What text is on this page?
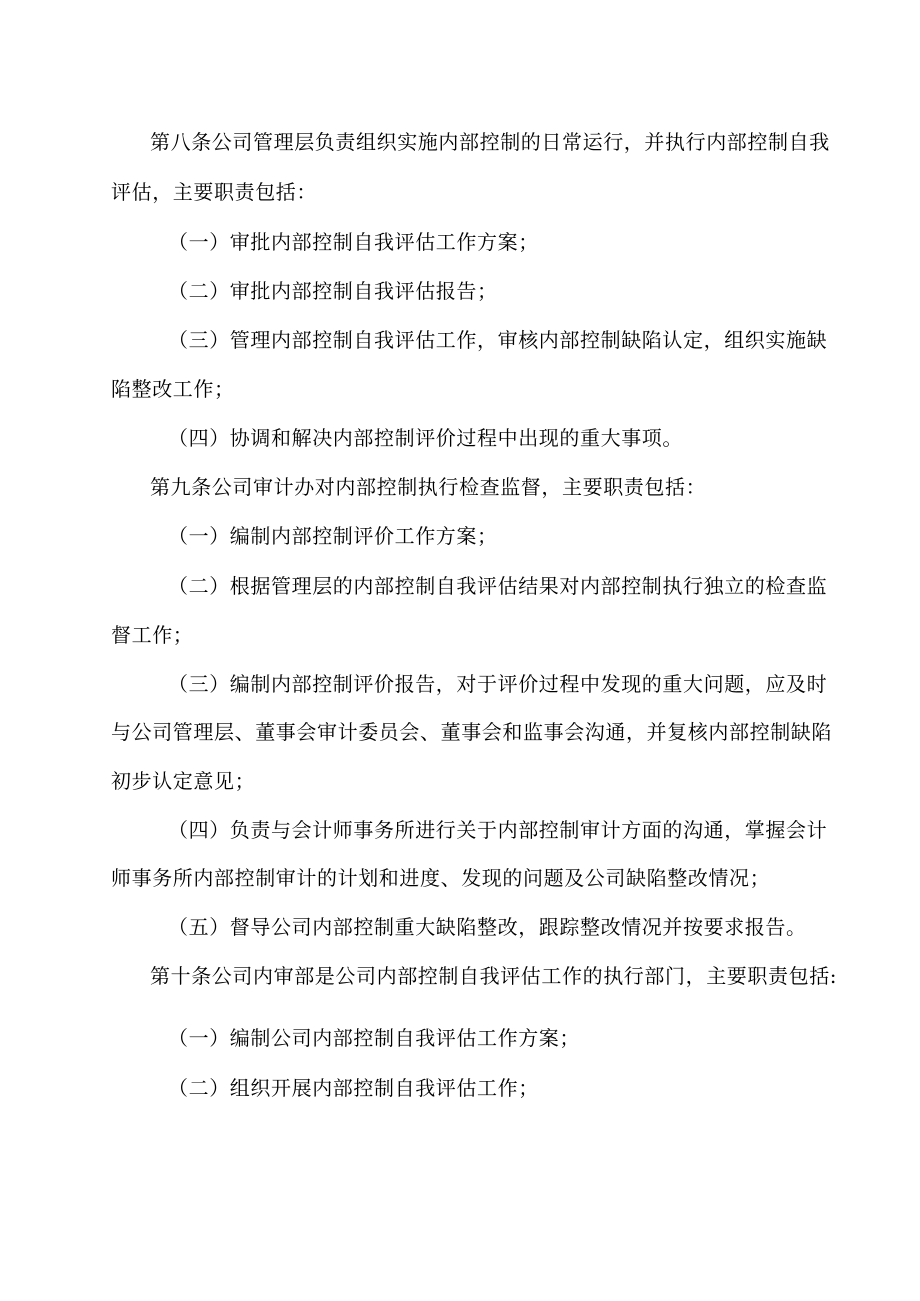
第八条公司管理层负责组织实施内部控制的日常运行，并执行内部控制自我
评估，主要职责包括：
（一）审批内部控制自我评估工作方案；
（二）审批内部控制自我评估报告；
（三）管理内部控制自我评估工作，审核内部控制缺陷认定，组织实施缺
陷整改工作；
（四）协调和解决内部控制评价过程中出现的重大事项。
第九条公司审计办对内部控制执行检查监督，主要职责包括：
（一）编制内部控制评价工作方案；
（二）根据管理层的内部控制自我评估结果对内部控制执行独立的检查监
督工作；
（三）编制内部控制评价报告，对于评价过程中发现的重大问题，应及时
与公司管理层、董事会审计委员会、董事会和监事会沟通，并复核内部控制缺陷
初步认定意见；
（四）负责与会计师事务所进行关于内部控制审计方面的沟通，掌握会计
师事务所内部控制审计的计划和进度、发现的问题及公司缺陷整改情况；
（五）督导公司内部控制重大缺陷整改，跟踪整改情况并按要求报告。
第十条公司内审部是公司内部控制自我评估工作的执行部门，主要职责包括:
（一）编制公司内部控制自我评估工作方案；
（二）组织开展内部控制自我评估工作；
